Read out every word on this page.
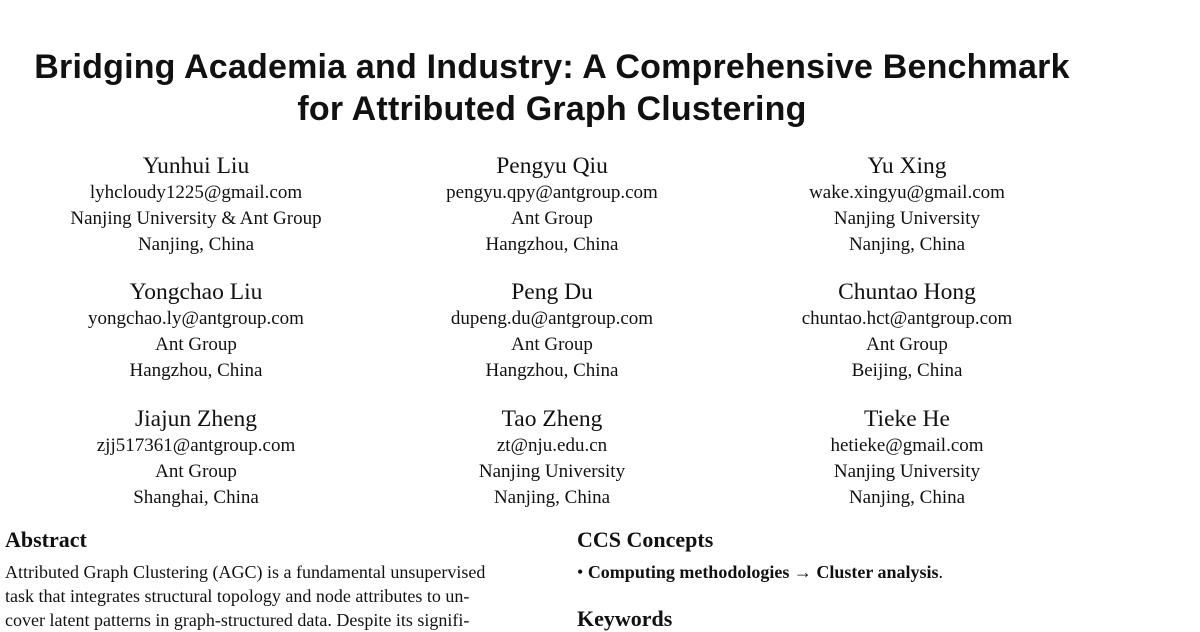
Bridging Academia and Industry: A Comprehensive Benchmark
for Attributed Graph Clustering
Yunhui Liu
lyhcloudy1225@gmail.com
Nanjing University & Ant Group
Nanjing, China
Pengyu Qiu
pengyu.qpy@antgroup.com
Ant Group
Hangzhou, China
Yu Xing
wake.xingyu@gmail.com
Nanjing University
Nanjing, China
Yongchao Liu
yongchao.ly@antgroup.com
Ant Group
Hangzhou, China
Peng Du
dupeng.du@antgroup.com
Ant Group
Hangzhou, China
Chuntao Hong
chuntao.hct@antgroup.com
Ant Group
Beijing, China
Jiajun Zheng
zjj517361@antgroup.com
Ant Group
Shanghai, China
Tao Zheng
zt@nju.edu.cn
Nanjing University
Nanjing, China
Tieke He
hetieke@gmail.com
Nanjing University
Nanjing, China
Abstract
Attributed Graph Clustering (AGC) is a fundamental unsupervised
task that integrates structural topology and node attributes to un-
cover latent patterns in graph-structured data. Despite its signifi-
CCS Concepts
• Computing methodologies → Cluster analysis.
Keywords
